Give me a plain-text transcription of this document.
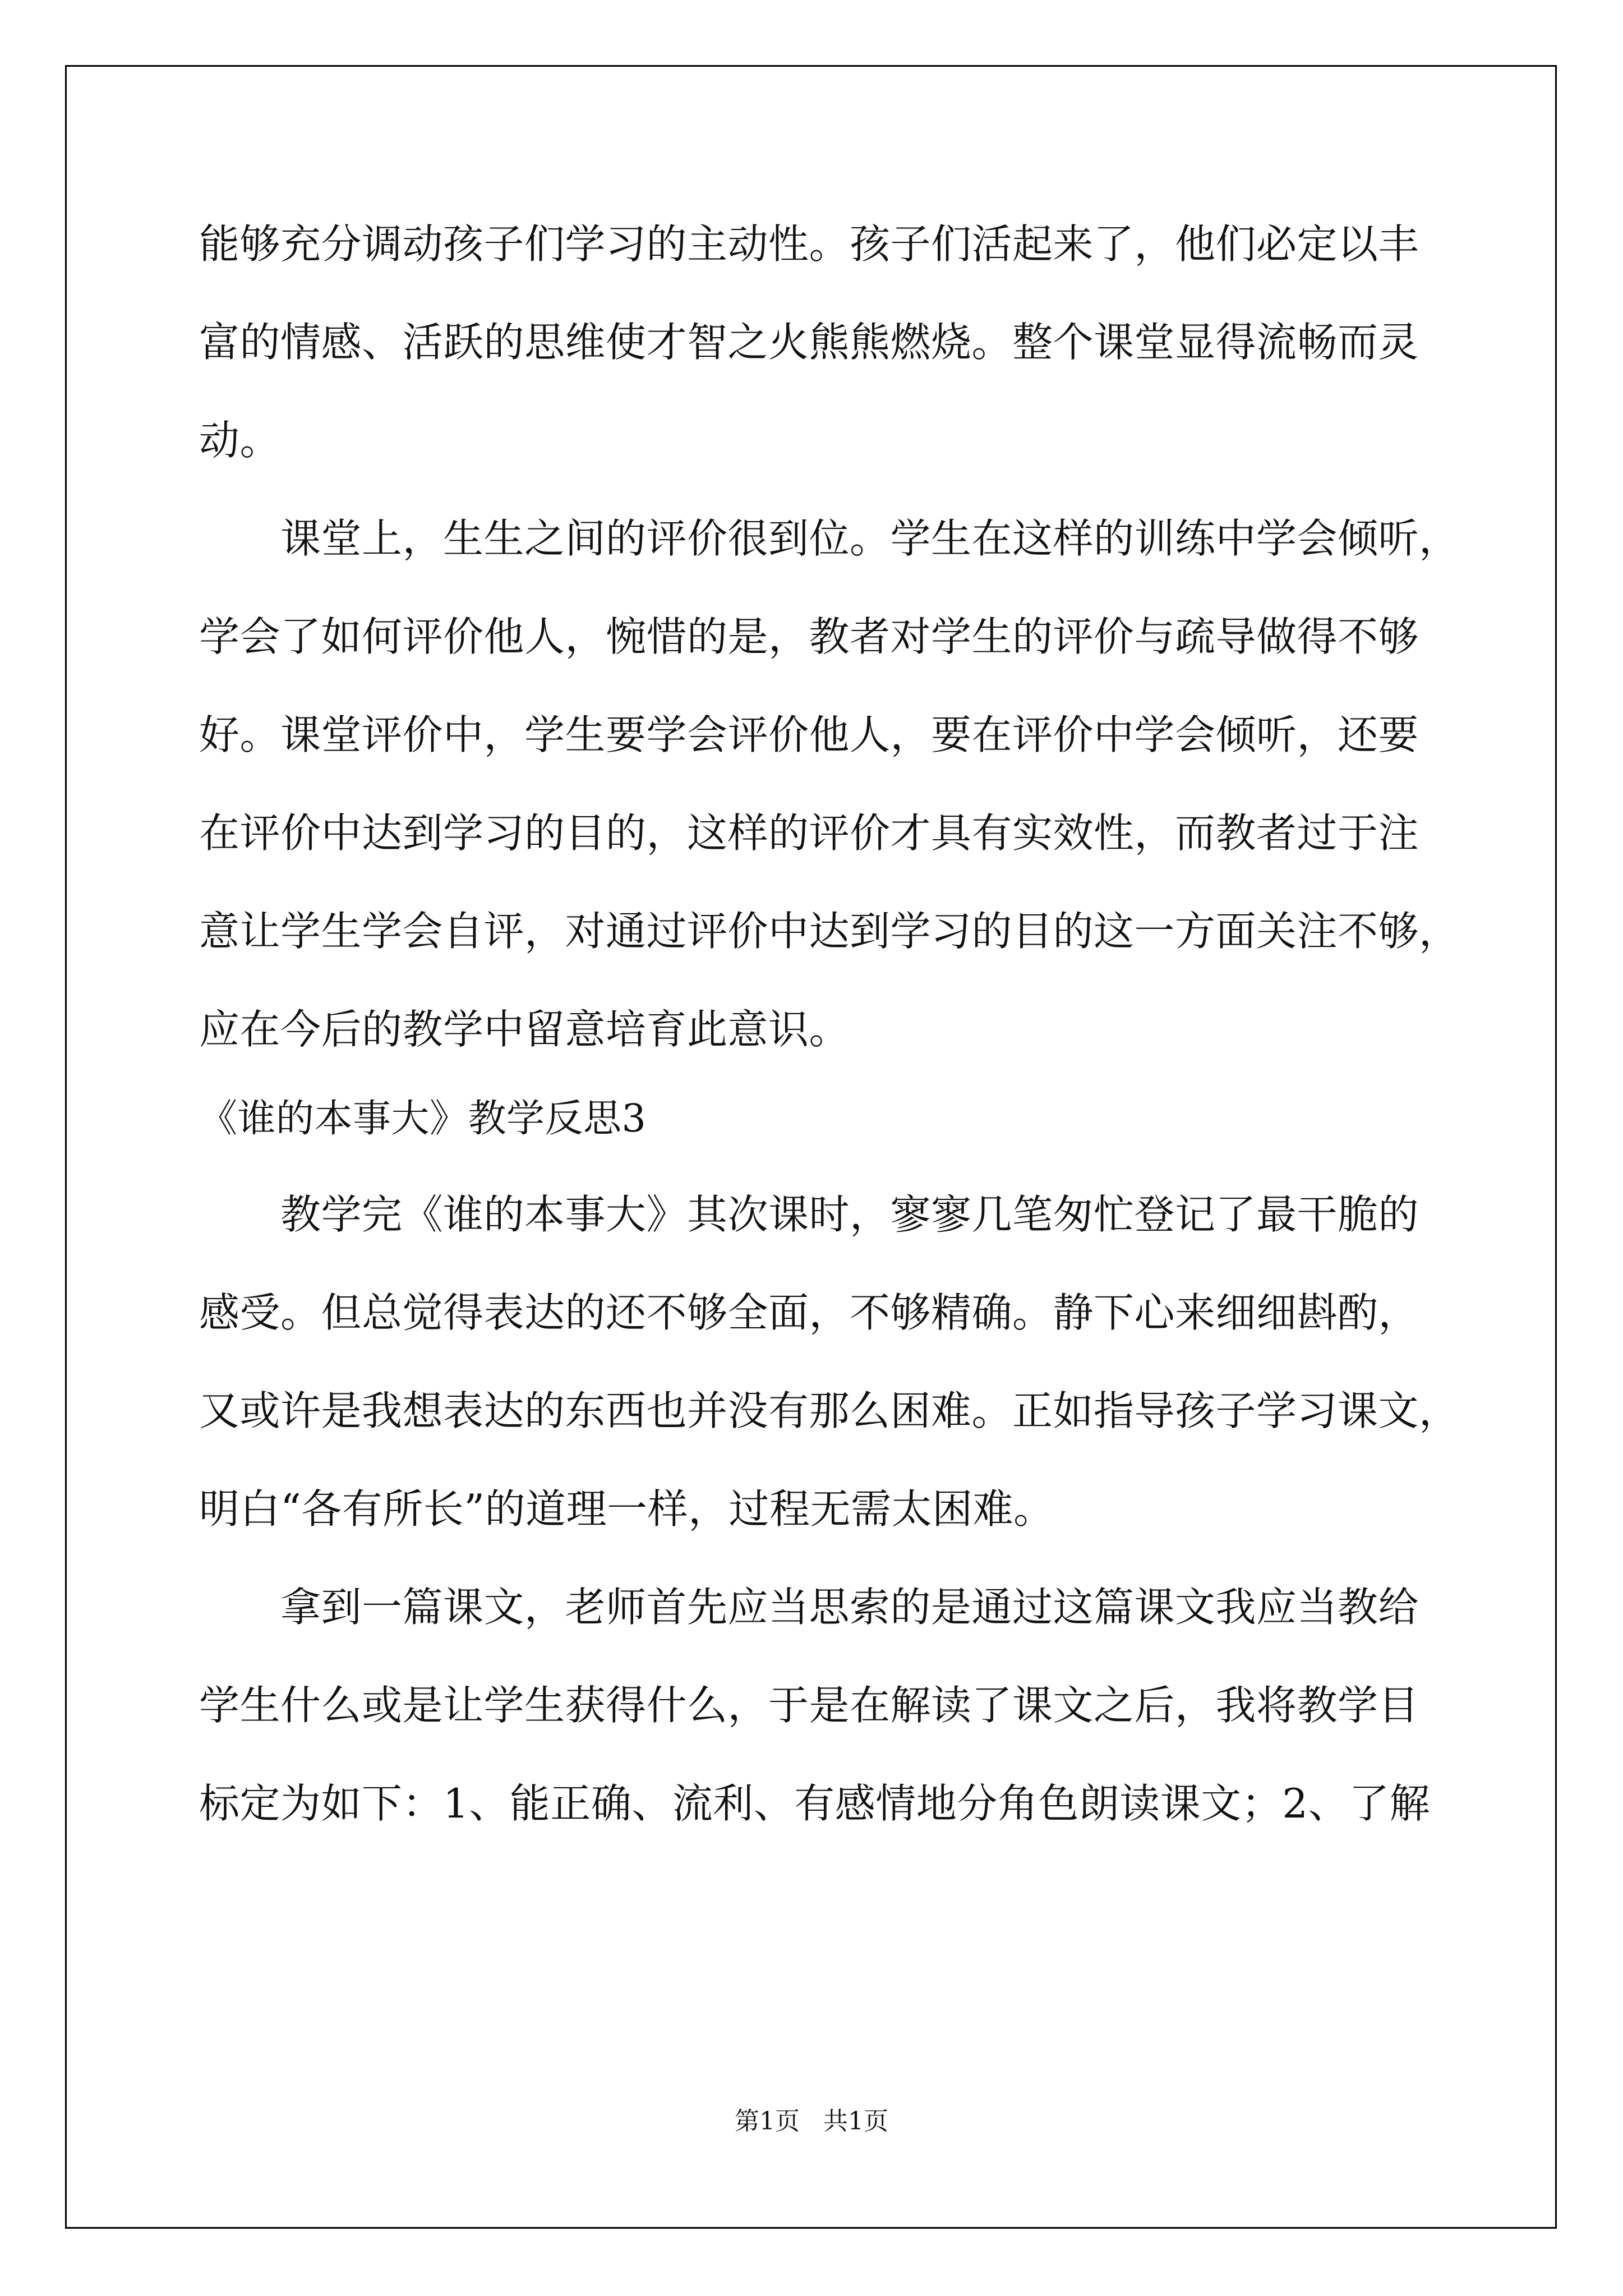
能够充分调动孩子们学习的主动性。孩子们活起来了，他们必定以丰
富的情感、活跃的思维使才智之火熊熊燃烧。整个课堂显得流畅而灵
动。
　　课堂上，生生之间的评价很到位。学生在这样的训练中学会倾听，
学会了如何评价他人，惋惜的是，教者对学生的评价与疏导做得不够
好。课堂评价中，学生要学会评价他人，要在评价中学会倾听，还要
在评价中达到学习的目的，这样的评价才具有实效性，而教者过于注
意让学生学会自评，对通过评价中达到学习的目的这一方面关注不够，
应在今后的教学中留意培育此意识。
《谁的本事大》教学反思3
　　教学完《谁的本事大》其次课时，寥寥几笔匆忙登记了最干脆的
感受。但总觉得表达的还不够全面，不够精确。静下心来细细斟酌，
又或许是我想表达的东西也并没有那么困难。正如指导孩子学习课文，
明白“各有所长”的道理一样，过程无需太困难。
　　拿到一篇课文，老师首先应当思索的是通过这篇课文我应当教给
学生什么或是让学生获得什么，于是在解读了课文之后，我将教学目
标定为如下：1、能正确、流利、有感情地分角色朗读课文；2、了解
第1页 共1页
